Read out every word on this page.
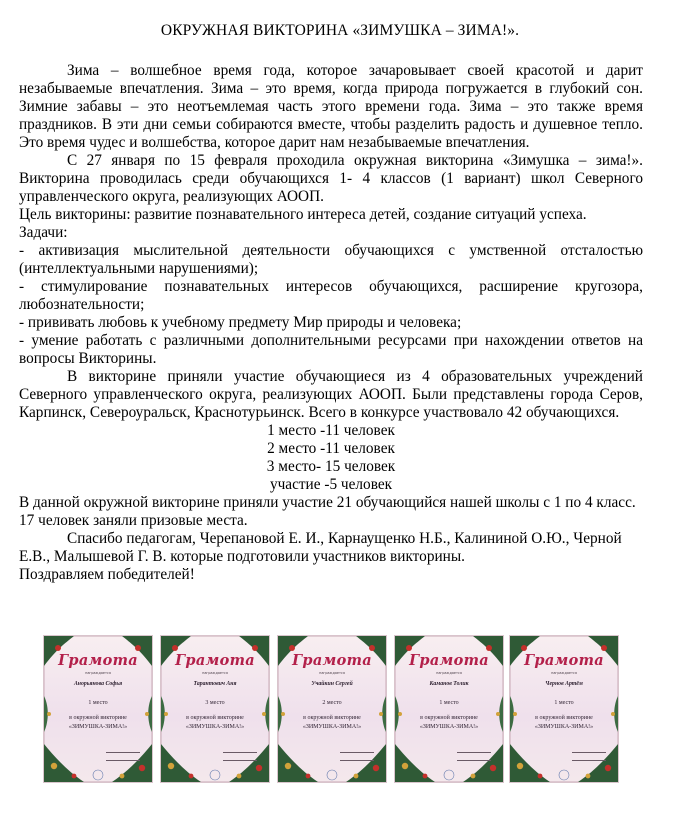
ОКРУЖНАЯ ВИКТОРИНА «ЗИМУШКА – ЗИМА!».

Зима – волшебное время года, которое зачаровывает своей красотой и дарит незабываемые впечатления. Зима – это время, когда природа погружается в глубокий сон. Зимние забавы – это неотъемлемая часть этого времени года. Зима – это также время праздников. В эти дни семьи собираются вместе, чтобы разделить радость и душевное тепло. Это время чудес и волшебства, которое дарит нам незабываемые впечатления.

С 27 января по 15 февраля проходила окружная викторина «Зимушка – зима!». Викторина проводилась среди обучающихся 1- 4 классов (1 вариант) школ Северного управленческого округа, реализующих АООП.

Цель викторины: развитие познавательного интереса детей, создание ситуаций успеха.

Задачи:

- активизация мыслительной деятельности обучающихся с умственной отсталостью (интеллектуальными нарушениями);

- стимулирование познавательных интересов обучающихся, расширение кругозора, любознательности;

- прививать любовь к учебному предмету Мир природы и человека;

- умение работать с различными дополнительными ресурсами при нахождении ответов на вопросы Викторины.

В викторине приняли участие обучающиеся из 4 образовательных учреждений Северного управленческого округа, реализующих АООП. Были представлены города Серов, Карпинск, Североуральск, Краснотурьинск. Всего в конкурсе участвовало 42 обучающихся.

1 место -11 человек

2 место -11 человек

3 место- 15 человек

участие -5 человек

В данной окружной викторине приняли участие 21 обучающийся нашей школы с 1 по 4 класс. 17 человек заняли призовые места.

Спасибо педагогам, Черепановой Е. И., Карнаущенко Н.Б., Калининой О.Ю., Черной Е.В., Малышевой Г. В. которые подготовили участников викторины.

Поздравляем победителей!

Грамота
награждается
Анорьянова Софья
1 место
в окружной викторине
«ЗИМУШКА-ЗИМА!»
Грамота
награждается
Тарантович Аня
3 место
в окружной викторине
«ЗИМУШКА-ЗИМА!»
Грамота
награждается
Учайкин Сергей
2 место
в окружной викторине
«ЗИМУШКА-ЗИМА!»
Грамота
награждается
Каманов Толик
1 место
в окружной викторине
«ЗИМУШКА-ЗИМА!»
Грамота
награждается
Чернов Артём
1 место
в окружной викторине
«ЗИМУШКА-ЗИМА!»
